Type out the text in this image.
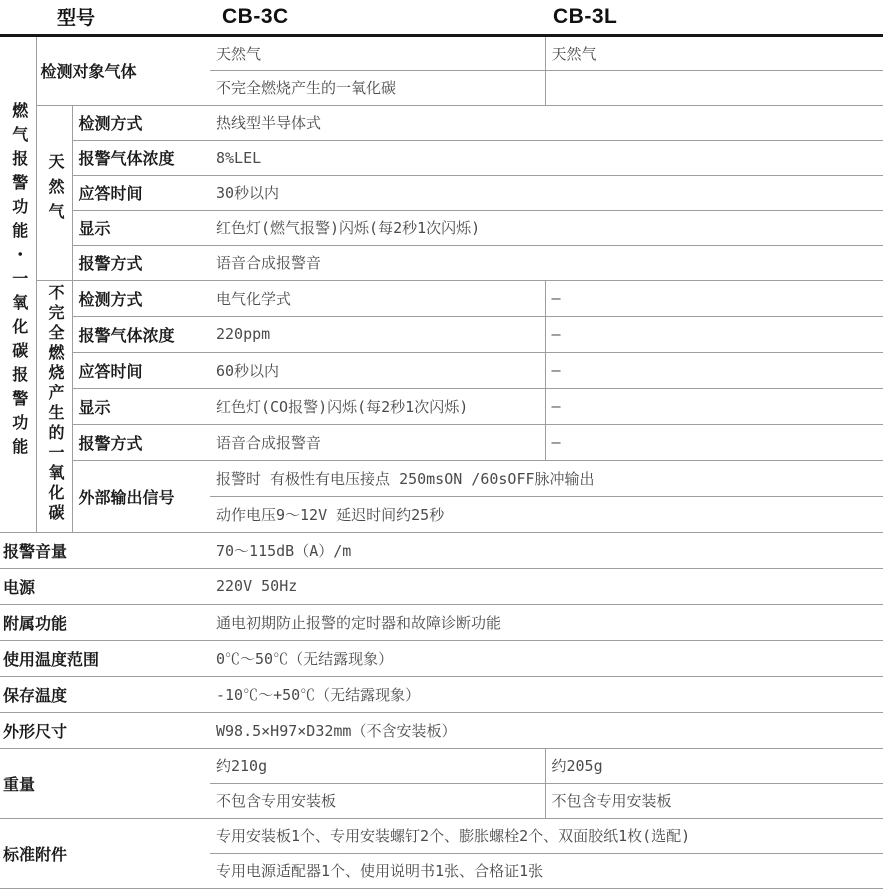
型号			CB-3C	CB-3L
燃气报警功能・一氧化碳报警功能	检测对象气体		天然气	天然气
			不完全燃烧产生的一氧化碳	
	天然气	检测方式	热线型半导体式	
		报警气体浓度	8%LEL	
		应答时间	30秒以内	
		显示	红色灯(燃气报警)闪烁(每2秒1次闪烁)	
		报警方式	语音合成报警音	
	不完全燃烧产生的一氧化碳	检测方式	电气化学式	–
		报警气体浓度	220ppm	–
		应答时间	60秒以内	–
		显示	红色灯(CO报警)闪烁(每2秒1次闪烁)	–
		报警方式	语音合成报警音	–
		外部输出信号	报警时 有极性有电压接点 250msON /60sOFF脉冲输出	
			动作电压9～12V 延迟时间约25秒	
报警音量			70～115dB（A）/m	
电源			220V 50Hz	
附属功能			通电初期防止报警的定时器和故障诊断功能	
使用温度范围			0℃～50℃（无结露现象）	
保存温度			-10℃～+50℃（无结露现象）	
外形尺寸			W98.5×H97×D32mm（不含安装板）	
重量			约210g	约205g
			不包含专用安装板	不包含专用安装板
标准附件			专用安装板1个、专用安装螺钉2个、膨胀螺栓2个、双面胶纸1枚(选配)	
			专用电源适配器1个、使用说明书1张、合格证1张	
